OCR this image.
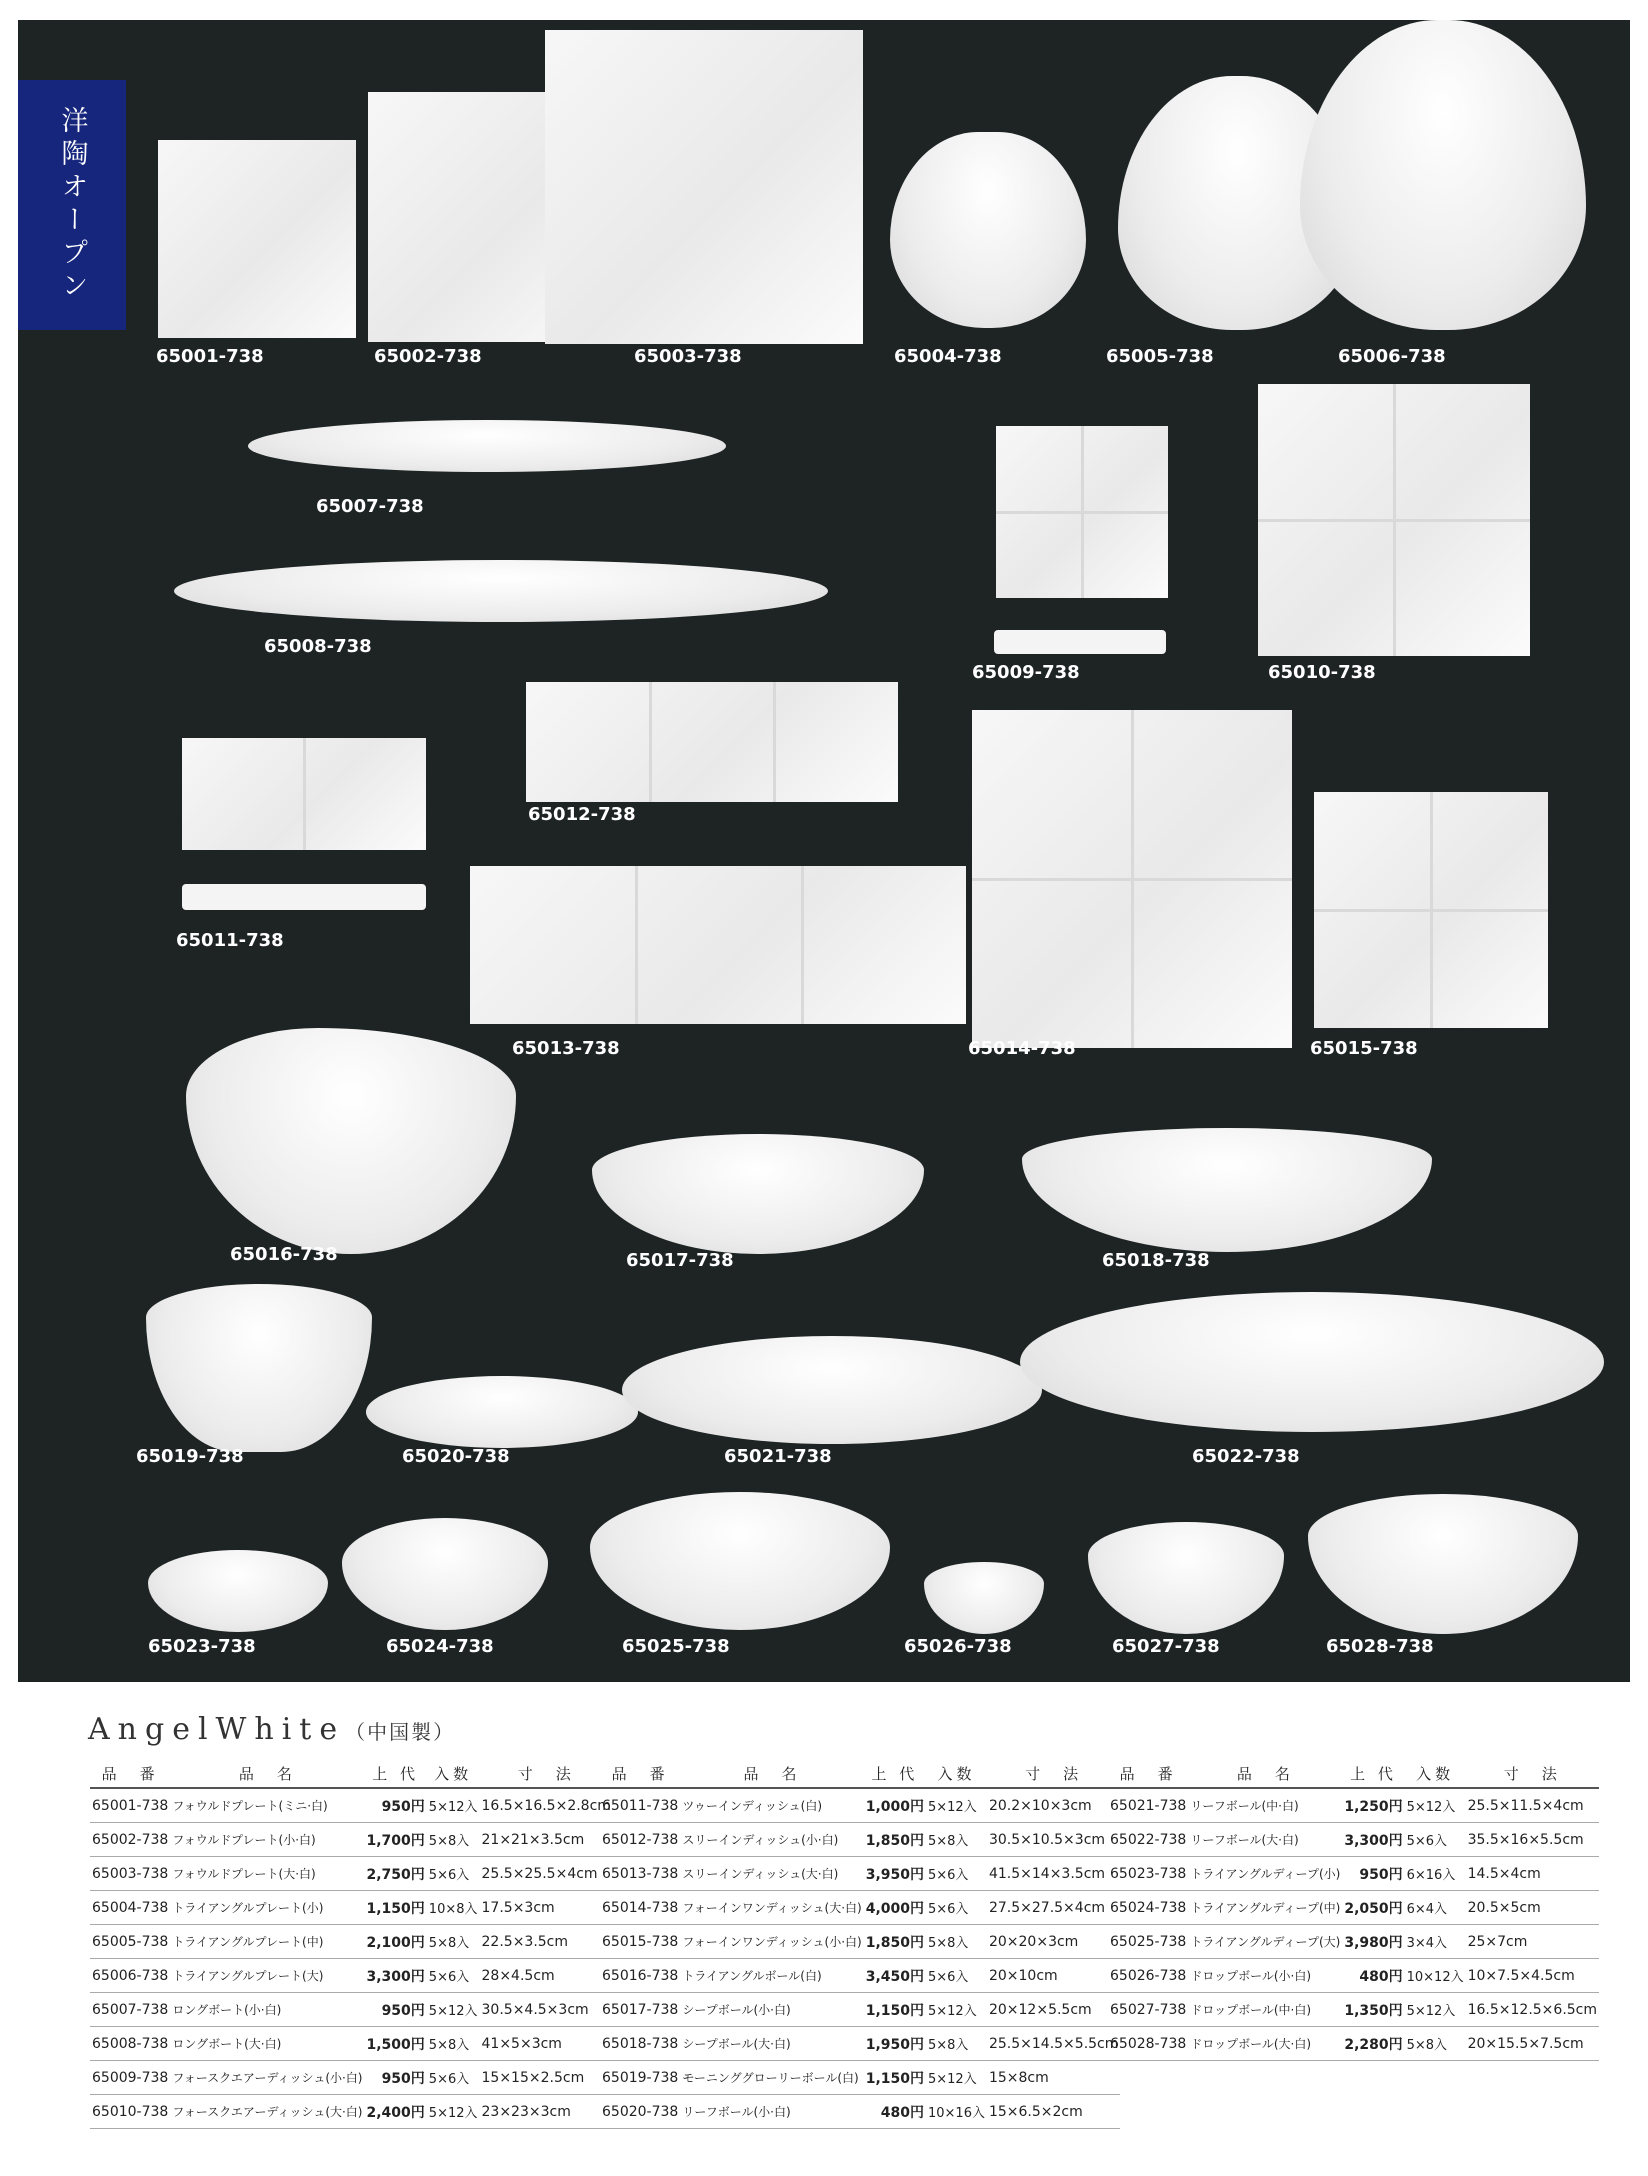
65001-738	65002-738	65003-738	65004-738	65005-738	65006-738
65007-738
65008-738
65009-738	65010-738
65011-738
65012-738
65013-738	65014-738	65015-738
65016-738	65017-738	65018-738
65019-738	65020-738	65021-738	65022-738
65023-738	65024-738	65025-738	65026-738	65027-738	65028-738
洋陶オープン
AngelWhite（中国製）
品　番	品　名	上 代	入数	寸　法
65001-738	フォウルドプレート(ミニ·白)	950円	5×12入	16.5×16.5×2.8cm
65002-738	フォウルドプレート(小·白)	1,700円	5×8入	21×21×3.5cm
65003-738	フォウルドプレート(大·白)	2,750円	5×6入	25.5×25.5×4cm
65004-738	トライアングルプレート(小)	1,150円	10×8入	17.5×3cm
65005-738	トライアングルプレート(中)	2,100円	5×8入	22.5×3.5cm
65006-738	トライアングルプレート(大)	3,300円	5×6入	28×4.5cm
65007-738	ロングボート(小·白)	950円	5×12入	30.5×4.5×3cm
65008-738	ロングボート(大·白)	1,500円	5×8入	41×5×3cm
65009-738	フォースクエアーディッシュ(小·白)	950円	5×6入	15×15×2.5cm
65010-738	フォースクエアーディッシュ(大·白)	2,400円	5×12入	23×23×3cm
品　番	品　名	上 代	入数	寸　法
65011-738	ツゥーインディッシュ(白)	1,000円	5×12入	20.2×10×3cm
65012-738	スリーインディッシュ(小·白)	1,850円	5×8入	30.5×10.5×3cm
65013-738	スリーインディッシュ(大·白)	3,950円	5×6入	41.5×14×3.5cm
65014-738	フォーインワンディッシュ(大·白)	4,000円	5×6入	27.5×27.5×4cm
65015-738	フォーインワンディッシュ(小·白)	1,850円	5×8入	20×20×3cm
65016-738	トライアングルボール(白)	3,450円	5×6入	20×10cm
65017-738	シープボール(小·白)	1,150円	5×12入	20×12×5.5cm
65018-738	シープボール(大·白)	1,950円	5×8入	25.5×14.5×5.5cm
65019-738	モーニンググローリーボール(白)	1,150円	5×12入	15×8cm
65020-738	リーフボール(小·白)	480円	10×16入	15×6.5×2cm
品　番	品　名	上 代	入数	寸　法
65021-738	リーフボール(中·白)	1,250円	5×12入	25.5×11.5×4cm
65022-738	リーフボール(大·白)	3,300円	5×6入	35.5×16×5.5cm
65023-738	トライアングルディープ(小)	950円	6×16入	14.5×4cm
65024-738	トライアングルディープ(中)	2,050円	6×4入	20.5×5cm
65025-738	トライアングルディープ(大)	3,980円	3×4入	25×7cm
65026-738	ドロップボール(小·白)	480円	10×12入	10×7.5×4.5cm
65027-738	ドロップボール(中·白)	1,350円	5×12入	16.5×12.5×6.5cm
65028-738	ドロップボール(大·白)	2,280円	5×8入	20×15.5×7.5cm
